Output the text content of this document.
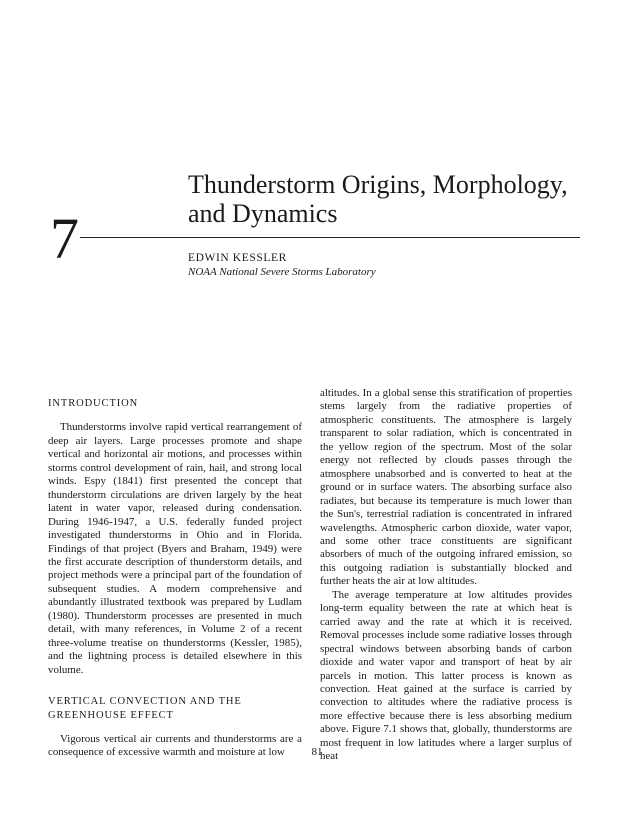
Thunderstorm Origins, Morphology,
and Dynamics
7	EDWIN KESSLER
NOAA National Severe Storms Laboratory

INTRODUCTION

Thunderstorms involve rapid vertical rearrangement of deep air layers. Large processes promote and shape vertical and horizontal air motions, and processes within storms control development of rain, hail, and strong local winds. Espy (1841) first presented the concept that thunderstorm circulations are driven largely by the heat latent in water vapor, released during condensation. During 1946-1947, a U.S. federally funded project investigated thunderstorms in Ohio and in Florida. Findings of that project (Byers and Braham, 1949) were the first accurate description of thunderstorm details, and project methods were a principal part of the foundation of subsequent studies. A modern comprehensive and abundantly illustrated textbook was prepared by Ludlam (1980). Thunderstorm processes are presented in much detail, with many references, in Volume 2 of a recent three-volume treatise on thunderstorms (Kessler, 1985), and the lightning process is detailed elsewhere in this volume.

VERTICAL CONVECTION AND THE
GREENHOUSE EFFECT

Vigorous vertical air currents and thunderstorms are a consequence of excessive warmth and moisture at low

altitudes. In a global sense this stratification of properties stems largely from the radiative properties of atmospheric constituents. The atmosphere is largely transparent to solar radiation, which is concentrated in the yellow region of the spectrum. Most of the solar energy not reflected by clouds passes through the atmosphere unabsorbed and is converted to heat at the ground or in surface waters. The absorbing surface also radiates, but because its temperature is much lower than the Sun's, terrestrial radiation is concentrated in infrared wavelengths. Atmospheric carbon dioxide, water vapor, and some other trace constituents are significant absorbers of much of the outgoing infrared emission, so this outgoing radiation is substantially blocked and further heats the air at low altitudes.

The average temperature at low altitudes provides long-term equality between the rate at which heat is carried away and the rate at which it is received. Removal processes include some radiative losses through spectral windows between absorbing bands of carbon dioxide and water vapor and transport of heat by air parcels in motion. This latter process is known as convection. Heat gained at the surface is carried by convection to altitudes where the radiative process is more effective because there is less absorbing medium above. Figure 7.1 shows that, globally, thunderstorms are most frequent in low latitudes where a larger surplus of heat

81
